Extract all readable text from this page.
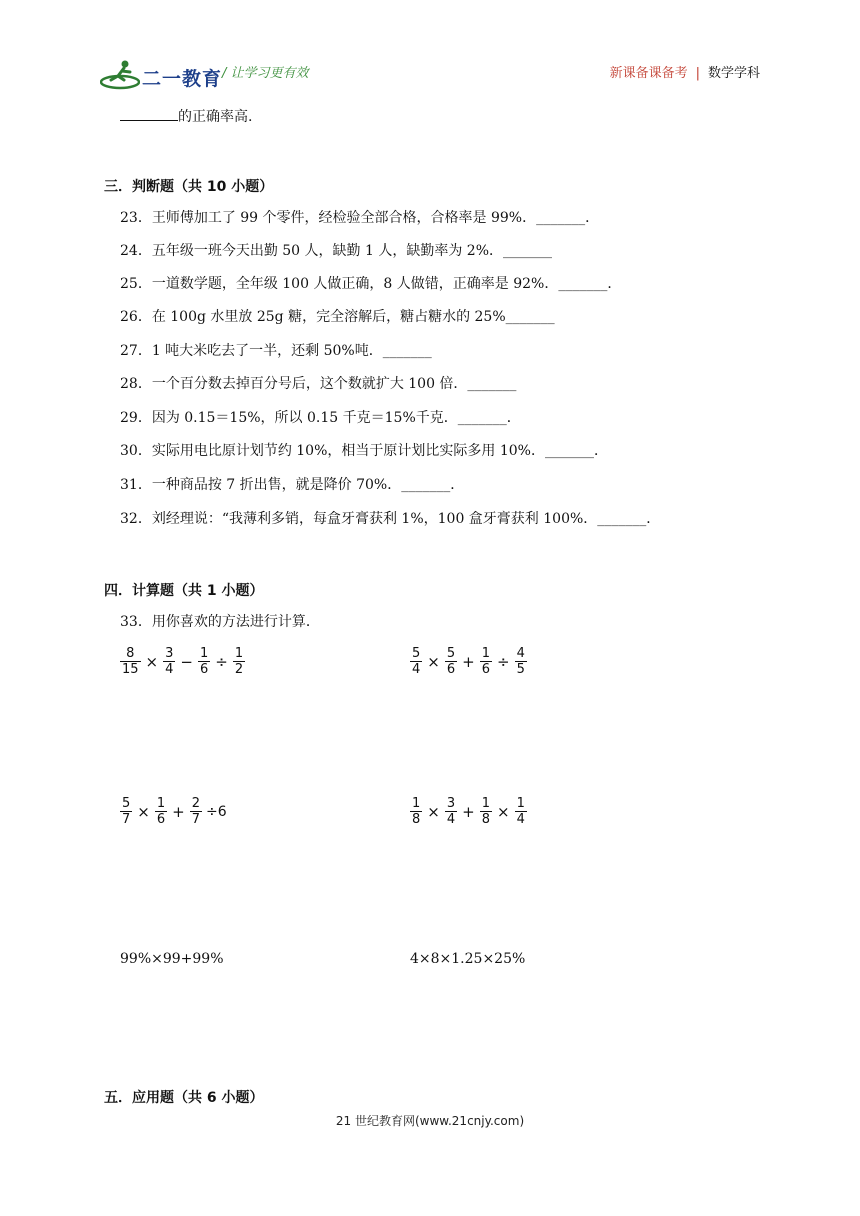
二一教育 / 让学习更有效	新课备课备考 | 数学学科
的正确率高.
三．判断题（共 10 小题）
23．王师傅加工了 99 个零件，经检验全部合格，合格率是 99%．_______．
24．五年级一班今天出勤 50 人，缺勤 1 人，缺勤率为 2%．_______
25．一道数学题，全年级 100 人做正确，8 人做错，正确率是 92%．_______．
26．在 100g 水里放 25g 糖，完全溶解后，糖占糖水的 25%_______
27．1 吨大米吃去了一半，还剩 50%吨．_______
28．一个百分数去掉百分号后，这个数就扩大 100 倍．_______
29．因为 0.15＝15%，所以 0.15 千克＝15%千克．_______．
30．实际用电比原计划节约 10%，相当于原计划比实际多用 10%．_______．
31．一种商品按 7 折出售，就是降价 70%．_______．
32．刘经理说：“我薄利多销，每盒牙膏获利 1%，100 盒牙膏获利 100%．_______．
四．计算题（共 1 小题）
33．用你喜欢的方法进行计算．
$\frac{8}{15} \times \frac{3}{4} - \frac{1}{6} \div \frac{1}{2}$	$\frac{5}{4} \times \frac{5}{6} + \frac{1}{6} \div \frac{4}{5}$
$\frac{5}{7} \times \frac{1}{6} + \frac{2}{7} \div 6$	$\frac{1}{8} \times \frac{3}{4} + \frac{1}{8} \times \frac{1}{4}$
99%×99+99%	4×8×1.25×25%
五．应用题（共 6 小题）
21 世纪教育网(www.21cnjy.com)
